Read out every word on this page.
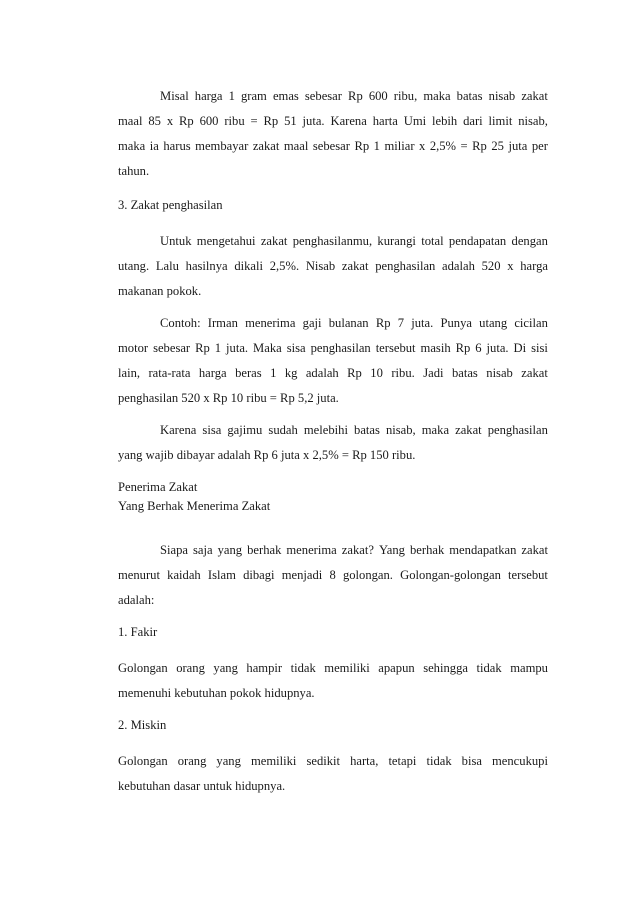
Misal harga 1 gram emas sebesar Rp 600 ribu, maka batas nisab zakat
maal 85 x Rp 600 ribu = Rp 51 juta. Karena harta Umi lebih dari limit nisab,
maka ia harus membayar zakat maal sebesar Rp 1 miliar x 2,5% = Rp 25 juta per
tahun.
3. Zakat penghasilan
Untuk mengetahui zakat penghasilanmu, kurangi total pendapatan dengan
utang. Lalu hasilnya dikali 2,5%. Nisab zakat penghasilan adalah 520 x harga
makanan pokok.
Contoh: Irman menerima gaji bulanan Rp 7 juta. Punya utang cicilan
motor sebesar Rp 1 juta. Maka sisa penghasilan tersebut masih Rp 6 juta. Di sisi
lain, rata-rata harga beras 1 kg adalah Rp 10 ribu. Jadi batas nisab zakat
penghasilan 520 x Rp 10 ribu = Rp 5,2 juta.
Karena sisa gajimu sudah melebihi batas nisab, maka zakat penghasilan
yang wajib dibayar adalah Rp 6 juta x 2,5% = Rp 150 ribu.
Penerima Zakat
Yang Berhak Menerima Zakat
Siapa saja yang berhak menerima zakat? Yang berhak mendapatkan zakat
menurut kaidah Islam dibagi menjadi 8 golongan. Golongan-golongan tersebut
adalah:
1. Fakir
Golongan orang yang hampir tidak memiliki apapun sehingga tidak mampu
memenuhi kebutuhan pokok hidupnya.
2. Miskin
Golongan orang yang memiliki sedikit harta, tetapi tidak bisa mencukupi
kebutuhan dasar untuk hidupnya.
